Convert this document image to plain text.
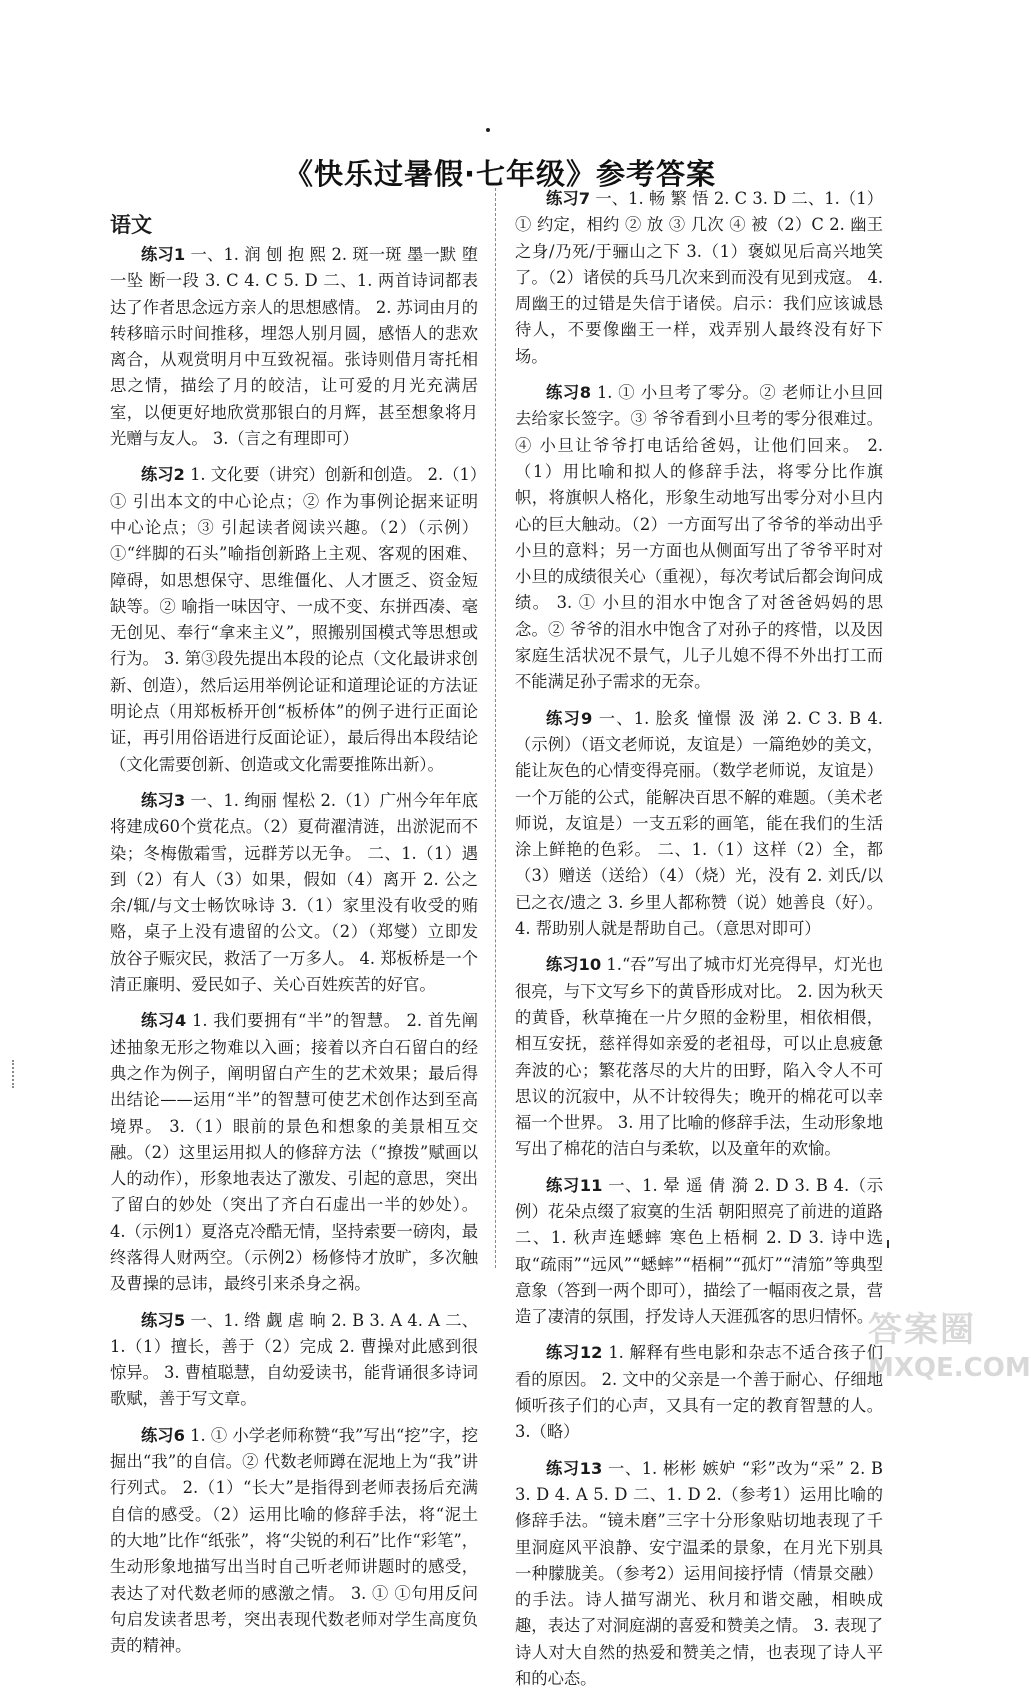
《快乐过暑假·七年级》参考答案
语文

练习1 一、1. 润 刨 抱 熙 2. 斑一斑 墨一默 堕一坠 断一段 3. C 4. C 5. D 二、1. 两首诗词都表达了作者思念远方亲人的思想感情。 2. 苏词由月的转移暗示时间推移，埋怨人别月圆，感悟人的悲欢离合，从观赏明月中互致祝福。张诗则借月寄托相思之情，描绘了月的皎洁，让可爱的月光充满居室，以便更好地欣赏那银白的月辉，甚至想象将月光赠与友人。 3.（言之有理即可）

练习2 1. 文化要（讲究）创新和创造。 2.（1）① 引出本文的中心论点；② 作为事例论据来证明中心论点；③ 引起读者阅读兴趣。（2）（示例）①“绊脚的石头”喻指创新路上主观、客观的困难、障碍，如思想保守、思维僵化、人才匮乏、资金短缺等。② 喻指一味因守、一成不变、东拼西凑、毫无创见、奉行“拿来主义”，照搬别国模式等思想或行为。 3. 第③段先提出本段的论点（文化最讲求创新、创造），然后运用举例论证和道理论证的方法证明论点（用郑板桥开创“板桥体”的例子进行正面论证，再引用俗语进行反面论证），最后得出本段结论（文化需要创新、创造或文化需要推陈出新）。

练习3 一、1. 绚丽 惺松 2.（1）广州今年年底将建成60个赏花点。（2）夏荷濯清涟，出淤泥而不染；冬梅傲霜雪，远群芳以无争。 二、1.（1）遇到（2）有人（3）如果，假如（4）离开 2. 公之余/辄/与文士畅饮咏诗 3.（1）家里没有收受的贿赂，桌子上没有遗留的公文。（2）（郑燮）立即发放谷子赈灾民，救活了一万多人。 4. 郑板桥是一个清正廉明、爱民如子、关心百姓疾苦的好官。

练习4 1. 我们要拥有“半”的智慧。 2. 首先阐述抽象无形之物难以入画；接着以齐白石留白的经典之作为例子，阐明留白产生的艺术效果；最后得出结论——运用“半”的智慧可使艺术创作达到至高境界。 3.（1）眼前的景色和想象的美景相互交融。（2）这里运用拟人的修辞方法（“撩拨”赋画以人的动作），形象地表达了激发、引起的意思，突出了留白的妙处（突出了齐白石虚出一半的妙处）。 4.（示例1）夏洛克冷酷无情，坚持索要一磅肉，最终落得人财两空。（示例2）杨修恃才放旷，多次触及曹操的忌讳，最终引来杀身之祸。

练习5 一、1. 绺 觑 虐 晌 2. B 3. A 4. A 二、1.（1）擅长，善于（2）完成 2. 曹操对此感到很惊异。 3. 曹植聪慧，自幼爱读书，能背诵很多诗词歌赋，善于写文章。

练习6 1. ① 小学老师称赞“我”写出“挖”字，挖掘出“我”的自信。② 代数老师蹲在泥地上为“我”讲行列式。 2.（1）“长大”是指得到老师表扬后充满自信的感受。（2）运用比喻的修辞手法，将“泥土的大地”比作“纸张”，将“尖锐的利石”比作“彩笔”，生动形象地描写出当时自己听老师讲题时的感受，表达了对代数老师的感激之情。 3. ① ①句用反问句启发读者思考，突出表现代数老师对学生高度负责的精神。

练习7 一、1. 畅 繁 悟 2. C 3. D 二、1.（1）① 约定，相约 ② 放 ③ 几次 ④ 被（2）C 2. 幽王之身/乃死/于骊山之下 3.（1）褒姒见后高兴地笑了。（2）诸侯的兵马几次来到而没有见到戎寇。 4. 周幽王的过错是失信于诸侯。启示：我们应该诚恳待人，不要像幽王一样，戏弄别人最终没有好下场。

练习8 1. ① 小旦考了零分。② 老师让小旦回去给家长签字。③ 爷爷看到小旦考的零分很难过。④ 小旦让爷爷打电话给爸妈，让他们回来。 2.（1）用比喻和拟人的修辞手法，将零分比作旗帜，将旗帜人格化，形象生动地写出零分对小旦内心的巨大触动。（2）一方面写出了爷爷的举动出乎小旦的意料；另一方面也从侧面写出了爷爷平时对小旦的成绩很关心（重视），每次考试后都会询问成绩。 3. ① 小旦的泪水中饱含了对爸爸妈妈的思念。② 爷爷的泪水中饱含了对孙子的疼惜，以及因家庭生活状况不景气，儿子儿媳不得不外出打工而不能满足孙子需求的无奈。

练习9 一、1. 脍炙 憧憬 汲 涕 2. C 3. B 4.（示例）（语文老师说，友谊是）一篇绝妙的美文，能让灰色的心情变得亮丽。（数学老师说，友谊是）一个万能的公式，能解决百思不解的难题。（美术老师说，友谊是）一支五彩的画笔，能在我们的生活涂上鲜艳的色彩。 二、1.（1）这样（2）全，都（3）赠送（送给）（4）（烧）光，没有 2. 刘氏/以已之衣/遗之 3. 乡里人都称赞（说）她善良（好）。 4. 帮助别人就是帮助自己。（意思对即可）

练习10 1.“吞”写出了城市灯光亮得早，灯光也很亮，与下文写乡下的黄昏形成对比。 2. 因为秋天的黄昏，秋草掩在一片夕照的金粉里，相依相偎，相互安抚，慈祥得如亲爱的老祖母，可以止息疲惫奔波的心；繁花落尽的大片的田野，陷入令人不可思议的沉寂中，从不计较得失；晚开的棉花可以幸福一个世界。 3. 用了比喻的修辞手法，生动形象地写出了棉花的洁白与柔软，以及童年的欢愉。

练习11 一、1. 晕 遥 倩 漪 2. D 3. B 4.（示例）花朵点缀了寂寞的生活 朝阳照亮了前进的道路 二、1. 秋声连蟋蟀 寒色上梧桐 2. D 3. 诗中选取“疏雨”“远风”“蟋蟀”“梧桐”“孤灯”“清笳”等典型意象（答到一两个即可），描绘了一幅雨夜之景，营造了凄清的氛围，抒发诗人天涯孤客的思归情怀。

练习12 1. 解释有些电影和杂志不适合孩子们看的原因。 2. 文中的父亲是一个善于耐心、仔细地倾听孩子们的心声，又具有一定的教育智慧的人。 3.（略）

练习13 一、1. 彬彬 嫉妒 “彩”改为“采” 2. B 3. D 4. A 5. D 二、1. D 2.（参考1）运用比喻的修辞手法。“镜未磨”三字十分形象贴切地表现了千里洞庭风平浪静、安宁温柔的景象，在月光下别具一种朦胧美。（参考2）运用间接抒情（情景交融）的手法。诗人描写湖光、秋月和谐交融，相映成趣，表达了对洞庭湖的喜爱和赞美之情。 3. 表现了诗人对大自然的热爱和赞美之情，也表现了诗人平和的心态。

答案圈
MXQE.COM
